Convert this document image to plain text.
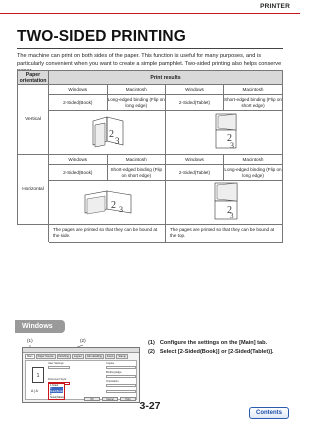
PRINTER
TWO-SIDED PRINTING
The machine can print on both sides of the paper. This function is useful for many purposes, and is particularly convenient when you want to create a simple pamphlet. Two-sided printing also helps conserve
Paper orientation	Print results			
Vertical	Windows	Macintosh	Windows	Macintosh
	2-Sided(Book)	Long-edged binding (Flip on long edge)	2-Sided(Tablet)	Short-edged binding (Flip on short edge)

2
3		2
3	

Horizontal	Windows	Macintosh	Windows	Macintosh
	2-Sided(Book)	Short-edged binding (Flip on short edge)	2-Sided(Tablet)	Long-edged binding (Flip on long edge)

2 3		2
3	

	The pages are printed so that they can be bound at the side.		The pages are printed so that they can be bound at the top.	
Windows
(1)	(2)
Main	Paper Source	Finishing	Layout	Job Handling	Insert	Stamp
1
A | A
User Settings
Document Style
1-Sided
2-Sided(Book)
2-Sided(Tablet)
Copies
Binding Edge
Orientation
OK	Cancel	Help
(1) Configure the settings on the [Main] tab.
(2) Select [2-Sided(Book)] or [2-Sided(Tablet)].
3-27
Contents
